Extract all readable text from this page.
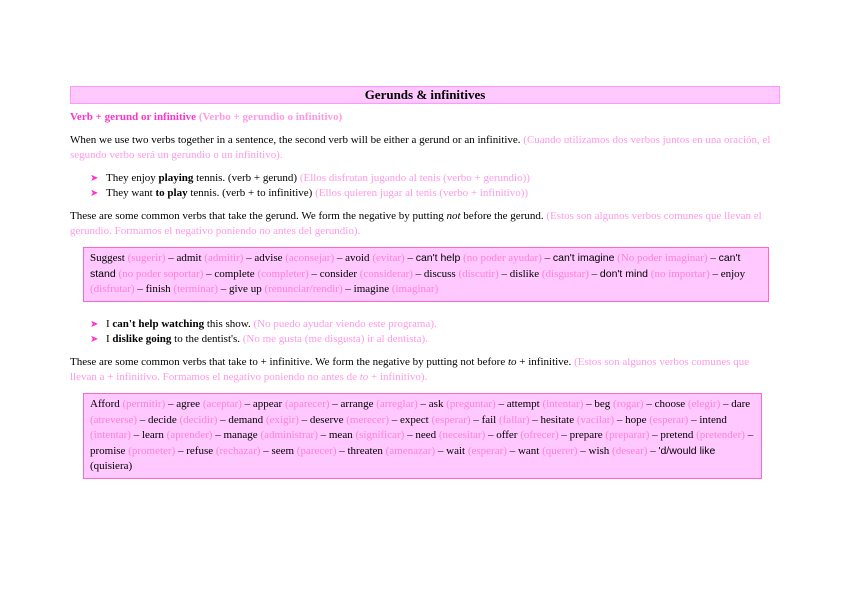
Gerunds & infinitives
Verb + gerund or infinitive (Verbo + gerundio o infinitivo)
When we use two verbs together in a sentence, the second verb will be either a gerund or an infinitive. (Cuando utilizamos dos verbos juntos en una oración, el segundo verbo será un gerundio o un infinitivo).
➤ They enjoy playing tennis. (verb + gerund) (Ellos disfrutan jugando al tenis (verbo + gerundio))
➤ They want to play tennis. (verb + to infinitive) (Ellos quieren jugar al tenis (verbo + infinitivo))
These are some common verbs that take the gerund. We form the negative by putting not before the gerund. (Estos son algunos verbos comunes que llevan el gerundio. Formamos el negativo poniendo no antes del gerundio).
Suggest (sugerir) – admit (admitir) – advise (aconsejar) – avoid (evitar) – can't help (no poder ayudar) – can't imagine (No poder imaginar) – can't stand (no poder soportar) – complete (completer) – consider (considerar) – discuss (discutir) – dislike (disgustar) – don't mind (no importar) – enjoy (disfrutar) – finish (terminar) – give up (renunciar/rendir) – imagine (imaginar)
➤ I can't help watching this show. (No puedo ayudar viendo este programa).
➤ I dislike going to the dentist's. (No me gusta (me disgusta) ir al dentista).
These are some common verbs that take to + infinitive. We form the negative by putting not before to + infinitive. (Estos son algunos verbos comunes que llevan a + infinitivo. Formamos el negativo poniendo no antes de to + infinitivo).
Afford (permitir) – agree (aceptar) – appear (aparecer) – arrange (arreglar) – ask (preguntar) – attempt (intentar) – beg (rogar) – choose (elegir) – dare (atreverse) – decide (decidir) – demand (exigir) – deserve (merecer) – expect (esperar) – fail (fallar) – hesitate (vacilar) – hope (esperar) – intend (intentar) – learn (aprender) – manage (administrar) – mean (significar) – need (necesitar) – offer (ofrecer) – prepare (preparar) – pretend (pretender) – promise (prometer) – refuse (rechazar) – seem (parecer) – threaten (amenazar) – wait (esperar) – want (querer) – wish (desear) – 'd/would like (quisiera)
